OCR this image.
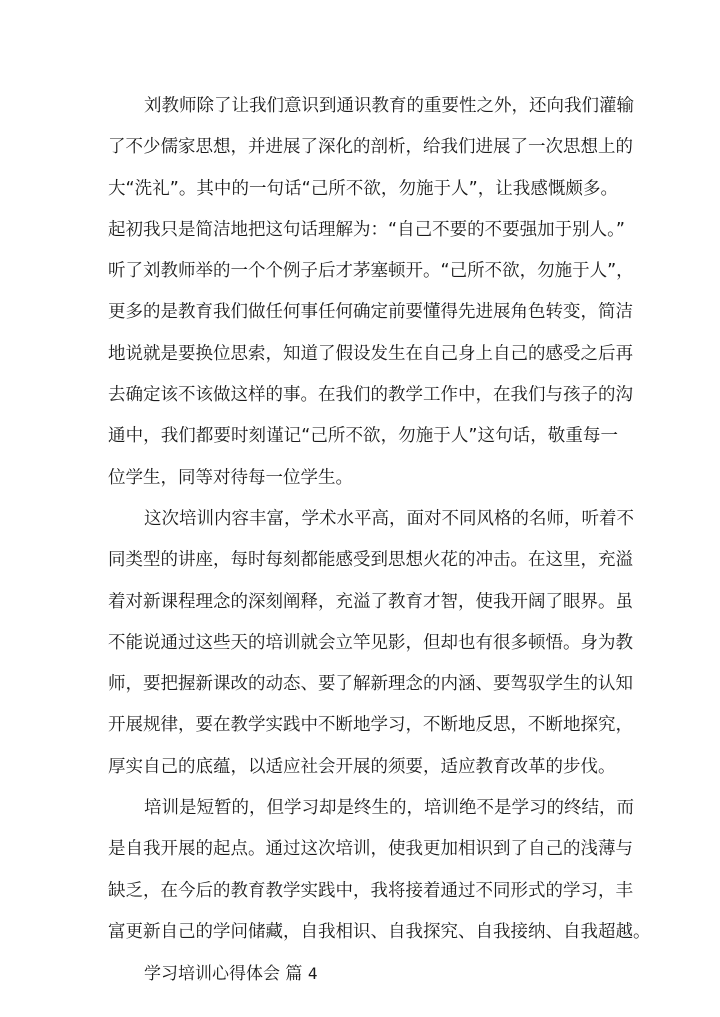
刘教师除了让我们意识到通识教育的重要性之外，还向我们灌输
了不少儒家思想，并进展了深化的剖析，给我们进展了一次思想上的
大“洗礼”。其中的一句话“己所不欲，勿施于人”，让我感慨颇多。
起初我只是简洁地把这句话理解为：“自己不要的不要强加于别人。”
听了刘教师举的一个个例子后才茅塞顿开。“己所不欲，勿施于人”，
更多的是教育我们做任何事任何确定前要懂得先进展角色转变，简洁
地说就是要换位思索，知道了假设发生在自己身上自己的感受之后再
去确定该不该做这样的事。在我们的教学工作中，在我们与孩子的沟
通中，我们都要时刻谨记“己所不欲，勿施于人”这句话，敬重每一
位学生，同等对待每一位学生。
这次培训内容丰富，学术水平高，面对不同风格的名师，听着不
同类型的讲座，每时每刻都能感受到思想火花的冲击。在这里，充溢
着对新课程理念的深刻阐释，充溢了教育才智，使我开阔了眼界。虽
不能说通过这些天的培训就会立竿见影，但却也有很多顿悟。身为教
师，要把握新课改的动态、要了解新理念的内涵、要驾驭学生的认知
开展规律，要在教学实践中不断地学习，不断地反思，不断地探究，
厚实自己的底蕴，以适应社会开展的须要，适应教育改革的步伐。
培训是短暂的，但学习却是终生的，培训绝不是学习的终结，而
是自我开展的起点。通过这次培训，使我更加相识到了自己的浅薄与
缺乏，在今后的教育教学实践中，我将接着通过不同形式的学习，丰
富更新自己的学问储藏，自我相识、自我探究、自我接纳、自我超越。
学习培训心得体会 篇 4
